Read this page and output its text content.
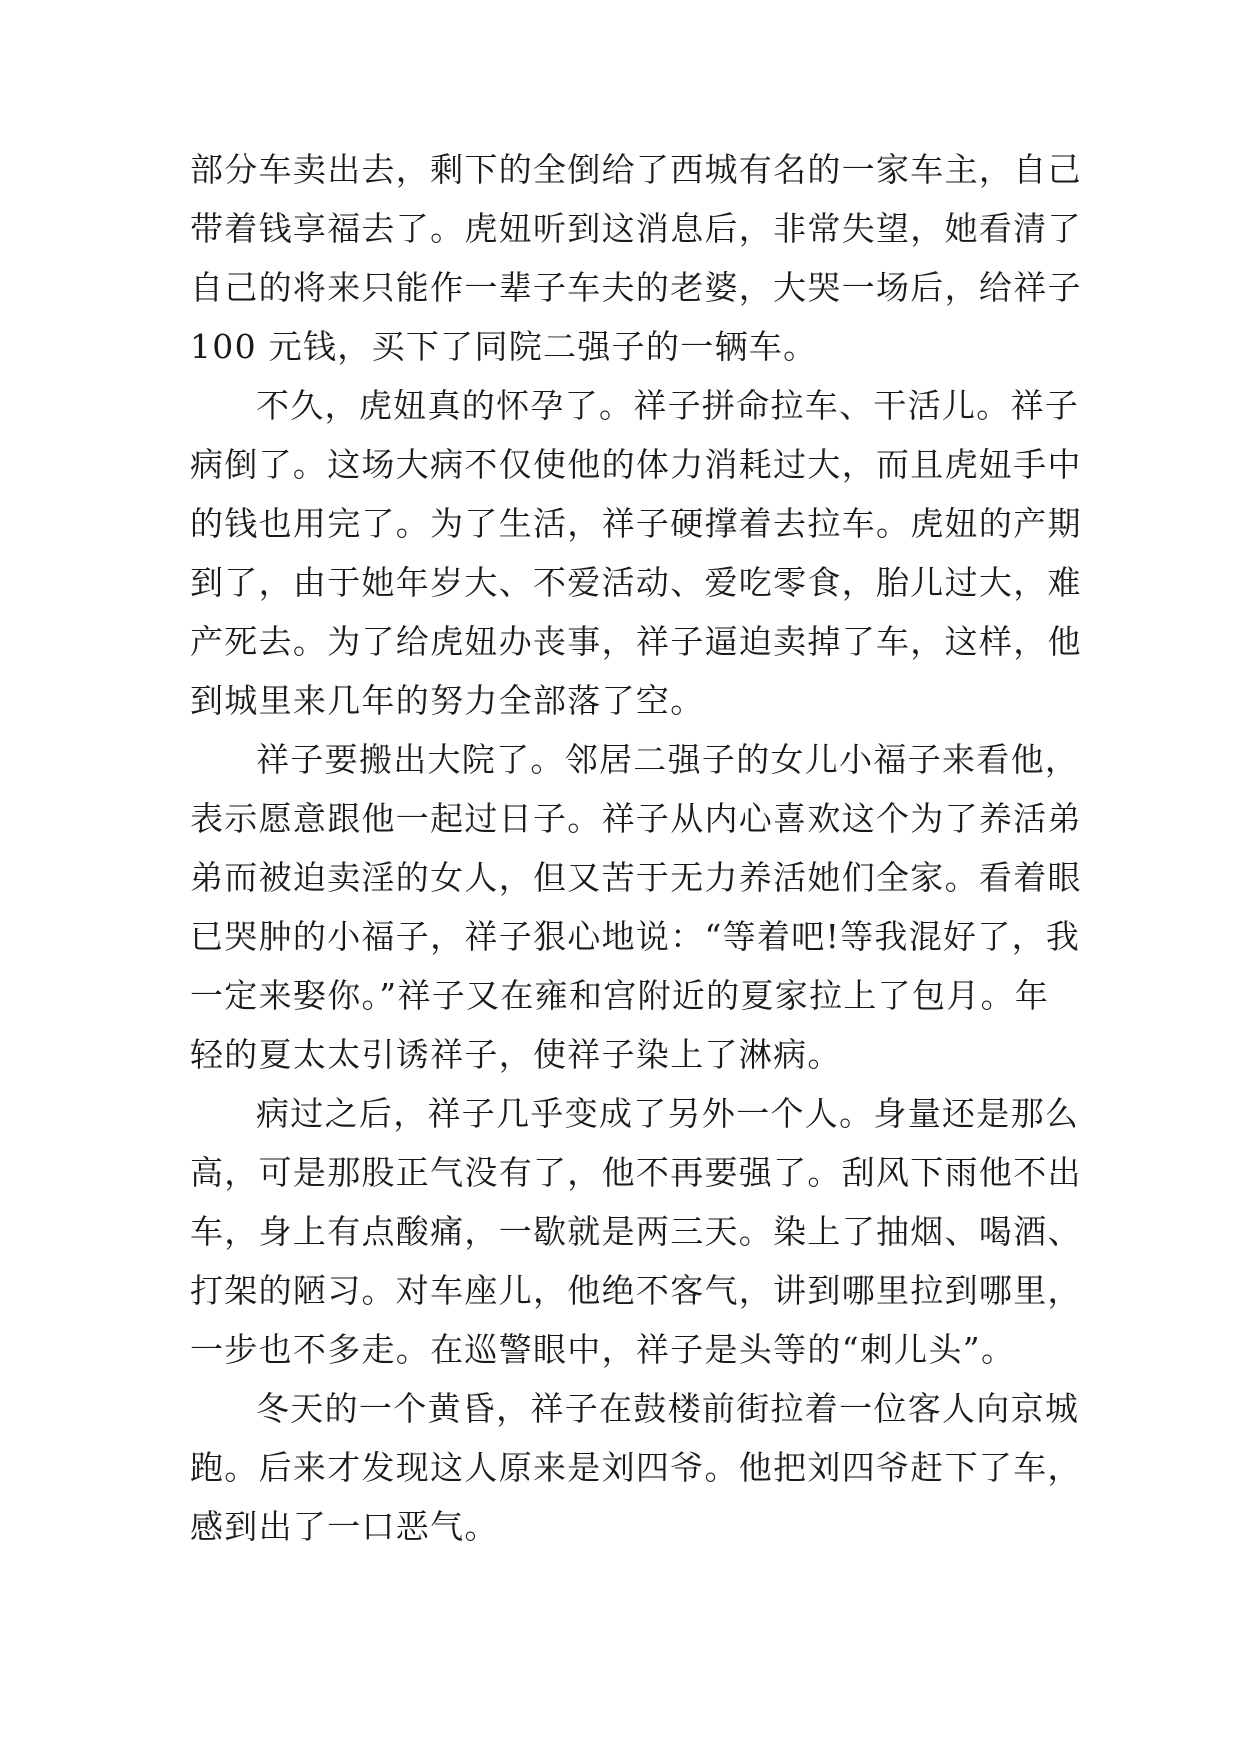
部分车卖出去，剩下的全倒给了西城有名的一家车主，自己
带着钱享福去了。虎妞听到这消息后，非常失望，她看清了
自己的将来只能作一辈子车夫的老婆，大哭一场后，给祥子
100 元钱，买下了同院二强子的一辆车。
不久，虎妞真的怀孕了。祥子拼命拉车、干活儿。祥子
病倒了。这场大病不仅使他的体力消耗过大，而且虎妞手中
的钱也用完了。为了生活，祥子硬撑着去拉车。虎妞的产期
到了，由于她年岁大、不爱活动、爱吃零食，胎儿过大，难
产死去。为了给虎妞办丧事，祥子逼迫卖掉了车，这样，他
到城里来几年的努力全部落了空。
祥子要搬出大院了。邻居二强子的女儿小福子来看他，
表示愿意跟他一起过日子。祥子从内心喜欢这个为了养活弟
弟而被迫卖淫的女人，但又苦于无力养活她们全家。看着眼
已哭肿的小福子，祥子狠心地说：“等着吧!等我混好了，我
一定来娶你。”祥子又在雍和宫附近的夏家拉上了包月。年
轻的夏太太引诱祥子，使祥子染上了淋病。
病过之后，祥子几乎变成了另外一个人。身量还是那么
高，可是那股正气没有了，他不再要强了。刮风下雨他不出
车，身上有点酸痛，一歇就是两三天。染上了抽烟、喝酒、
打架的陋习。对车座儿，他绝不客气，讲到哪里拉到哪里，
一步也不多走。在巡警眼中，祥子是头等的“刺儿头”。
冬天的一个黄昏，祥子在鼓楼前街拉着一位客人向京城
跑。后来才发现这人原来是刘四爷。他把刘四爷赶下了车，
感到出了一口恶气。
